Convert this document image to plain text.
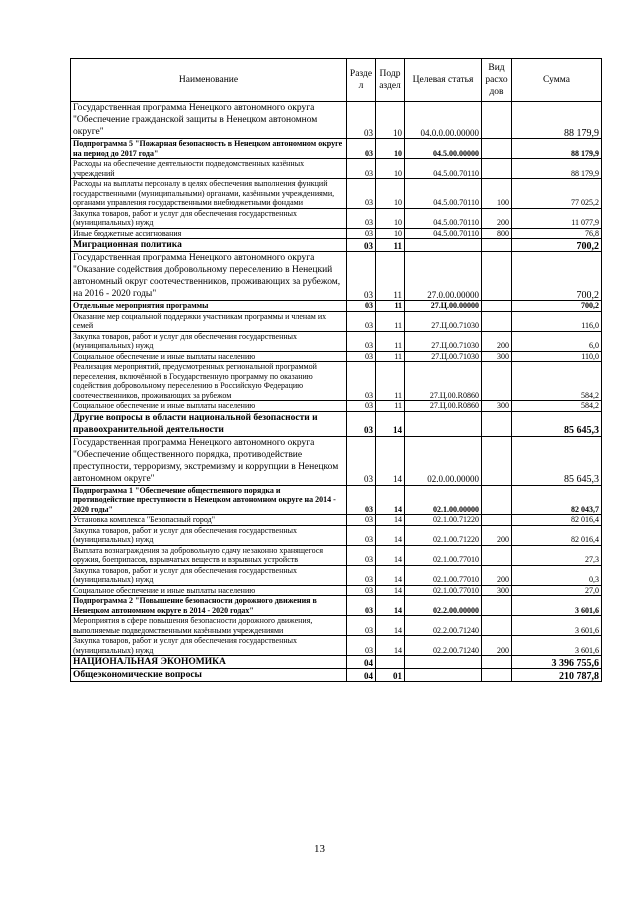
Наименование	Разде л	Подр аздел	Целевая статья	Вид расхо дов	Сумма
Государственная программа Ненецкого автономного округа "Обеспечение гражданской защиты в Ненецком автономном округе"	03	10	04.0.0.00.00000		88 179,9
Подпрограмма 5 "Пожарная безопасность в Ненецком автономном округе на период до 2017 года"	03	10	04.5.00.00000		88 179,9
Расходы на обеспечение деятельности подведомственных казённых учреждений	03	10	04.5.00.70110		88 179,9
Расходы на выплаты персоналу в целях обеспечения выполнения функций государственными (муниципальными) органами, казёнными учреждениями, органами управления государственными внебюджетными фондами	03	10	04.5.00.70110	100	77 025,2
Закупка товаров, работ и услуг для обеспечения государственных (муниципальных) нужд	03	10	04.5.00.70110	200	11 077,9
Иные бюджетные ассигнования	03	10	04.5.00.70110	800	76,8
Миграционная политика	03	11			700,2
Государственная программа Ненецкого автономного округа "Оказание содействия добровольному переселению в Ненецкий автономный округ соотечественников, проживающих за рубежом, на 2016 - 2020 годы"	03	11	27.0.00.00000		700,2
Отдельные мероприятия программы	03	11	27.Ц.00.00000		700,2
Оказание мер социальной поддержки участникам программы и членам их семей	03	11	27.Ц.00.71030		116,0
Закупка товаров, работ и услуг для обеспечения государственных (муниципальных) нужд	03	11	27.Ц.00.71030	200	6,0
Социальное обеспечение и иные выплаты населению	03	11	27.Ц.00.71030	300	110,0
Реализация мероприятий, предусмотренных региональной программой переселения, включённой в Государственную программу по оказанию содействия добровольному переселению в Российскую Федерацию соотечественников, проживающих за рубежом	03	11	27.Ц.00.R0860		584,2
Социальное обеспечение и иные выплаты населению	03	11	27.Ц.00.R0860	300	584,2
Другие вопросы в области национальной безопасности и правоохранительной деятельности	03	14			85 645,3
Государственная программа Ненецкого автономного округа "Обеспечение общественного порядка, противодействие преступности, терроризму, экстремизму и коррупции в Ненецком автономном округе"	03	14	02.0.00.00000		85 645,3
Подпрограмма 1 "Обеспечение общественного порядка и противодействие преступности в Ненецком автономном округе на 2014 - 2020 годы"	03	14	02.1.00.00000		82 043,7
Установка комплекса "Безопасный город"	03	14	02.1.00.71220		82 016,4
Закупка товаров, работ и услуг для обеспечения государственных (муниципальных) нужд	03	14	02.1.00.71220	200	82 016,4
Выплата вознаграждения за добровольную сдачу незаконно хранящегося оружия, боеприпасов, взрывчатых веществ и взрывных устройств	03	14	02.1.00.77010		27,3
Закупка товаров, работ и услуг для обеспечения государственных (муниципальных) нужд	03	14	02.1.00.77010	200	0,3
Социальное обеспечение и иные выплаты населению	03	14	02.1.00.77010	300	27,0
Подпрограмма 2 "Повышение безопасности дорожного движения в Ненецком автономном округе в 2014 - 2020 годах"	03	14	02.2.00.00000		3 601,6
Мероприятия в сфере повышения безопасности дорожного движения, выполняемые подведомственными казёнными учреждениями	03	14	02.2.00.71240		3 601,6
Закупка товаров, работ и услуг для обеспечения государственных (муниципальных) нужд	03	14	02.2.00.71240	200	3 601,6
НАЦИОНАЛЬНАЯ ЭКОНОМИКА	04				3 396 755,6
Общеэкономические вопросы	04	01			210 787,8
13
